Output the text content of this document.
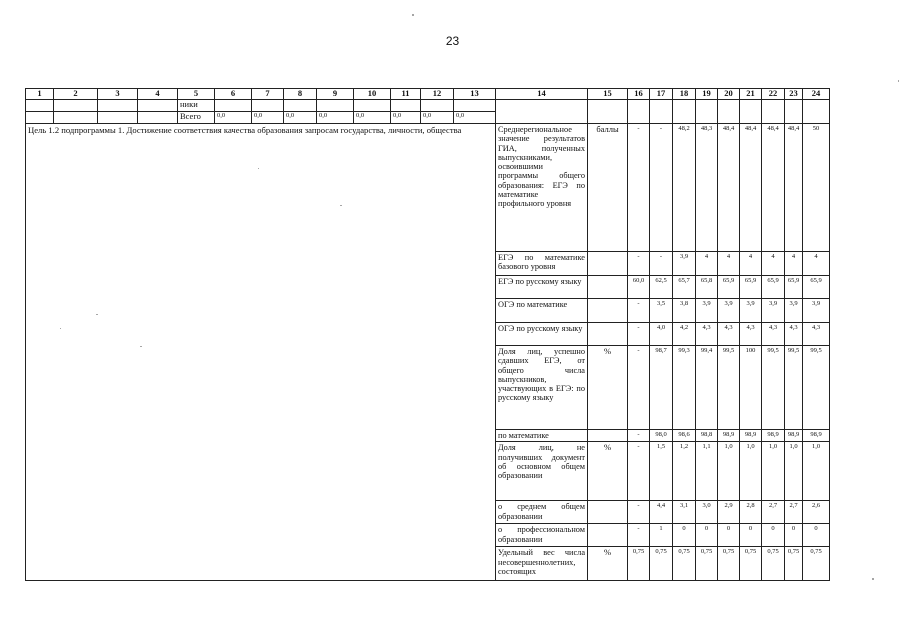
23
1	2	3	4	5	6	7	8	9	10	11	12	13	14	15	16	17	18	19	20	21	22	23	24
				ники																			
				Всего	0,0	0,0	0,0	0,0	0,0	0,0	0,0	0,0											
Цель 1.2 подпрограммы 1. Достижение соответствия качества образования запросам государства, личности, общества													Среднерегиональное значение результатов ГИА, полученных выпускниками, освоившими программы общего образования: ЕГЭ по математике профильного уровня	баллы	-	-	48,2	48,3	48,4	48,4	48,4	48,4	50
													ЕГЭ по математике базового уровня		-	-	3,9	4	4	4	4	4	4
													ЕГЭ по русскому языку		60,0	62,5	65,7	65,8	65,9	65,9	65,9	65,9	65,9
													ОГЭ по математике		-	3,5	3,8	3,9	3,9	3,9	3,9	3,9	3,9
													ОГЭ по русскому языку		-	4,0	4,2	4,3	4,3	4,3	4,3	4,3	4,3
													Доля лиц, успешно сдавших ЕГЭ, от общего числа выпускников, участвующих в ЕГЭ: по русскому языку	%	-	98,7	99,3	99,4	99,5	100	99,5	99,5	99,5
													по математике		-	98,0	98,6	98,8	98,9	98,9	98,9	98,9	98,9
													Доля лиц, не получивших документ об основном общем образовании	%	-	1,5	1,2	1,1	1,0	1,0	1,0	1,0	1,0
													о среднем общем образовании		-	4,4	3,1	3,0	2,9	2,8	2,7	2,7	2,6
													о профессиональном образовании		-	1	0	0	0	0	0	0	0
													Удельный вес числа несовершеннолетних, состоящих	%	0,75	0,75	0,75	0,75	0,75	0,75	0,75	0,75	0,75
